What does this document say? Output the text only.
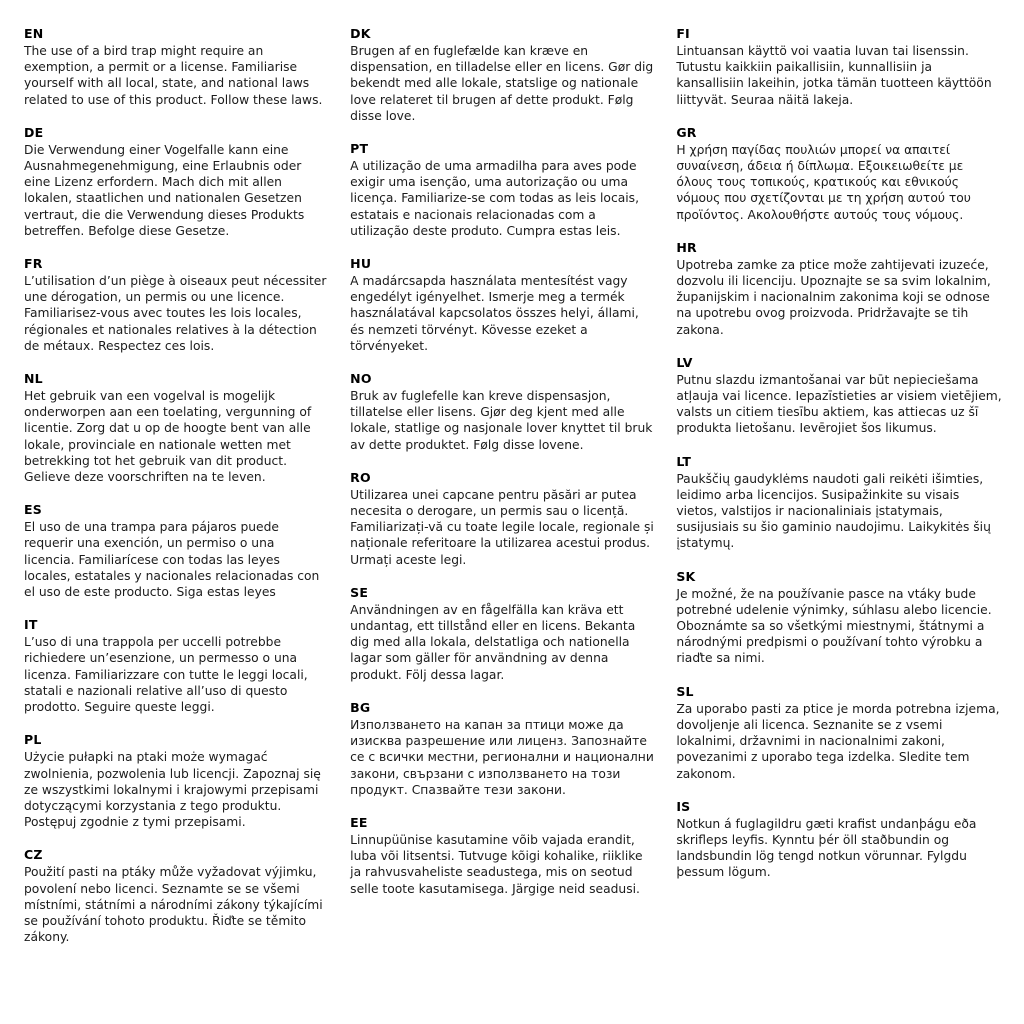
EN
The use of a bird trap might require an exemption, a permit or a license. Familiarise yourself with all local, state, and national laws related to use of this product. Follow these laws.
DE
Die Verwendung einer Vogelfalle kann eine Ausnahmegenehmigung, eine Erlaubnis oder eine Lizenz erfordern. Mach dich mit allen lokalen, staatlichen und nationalen Gesetzen vertraut, die die Verwendung dieses Produkts betreffen. Befolge diese Gesetze.
FR
L’utilisation d’un piège à oiseaux peut nécessiter une dérogation, un permis ou une licence. Familiarisez-vous avec toutes les lois locales, régionales et nationales relatives à la détection de métaux. Respectez ces lois.
NL
Het gebruik van een vogelval is mogelijk onderworpen aan een toelating, vergunning of licentie. Zorg dat u op de hoogte bent van alle lokale, provinciale en nationale wetten met betrekking tot het gebruik van dit product. Gelieve deze voorschriften na te leven.
ES
El uso de una trampa para pájaros puede requerir una exención, un permiso o una licencia. Familiarícese con todas las leyes locales, estatales y nacionales relacionadas con el uso de este producto. Siga estas leyes
IT
L’uso di una trappola per uccelli potrebbe richiedere un’esenzione, un permesso o una licenza. Familiarizzare con tutte le leggi locali, statali e nazionali relative all’uso di questo prodotto. Seguire queste leggi.
PL
Użycie pułapki na ptaki może wymagać zwolnienia, pozwolenia lub licencji. Zapoznaj się ze wszystkimi lokalnymi i krajowymi przepisami dotyczącymi korzystania z tego produktu. Postępuj zgodnie z tymi przepisami.
CZ
Použití pasti na ptáky může vyžadovat výjimku, povolení nebo licenci. Seznamte se se všemi místními, státními a národními zákony týkajícími se používání tohoto produktu. Řiďte se těmito zákony.
DK
Brugen af en fuglefælde kan kræve en dispensation, en tilladelse eller en licens. Gør dig bekendt med alle lokale, statslige og nationale love relateret til brugen af dette produkt. Følg disse love.
PT
A utilização de uma armadilha para aves pode exigir uma isenção, uma autorização ou uma licença. Familiarize-se com todas as leis locais, estatais e nacionais relacionadas com a utilização deste produto. Cumpra estas leis.
HU
A madárcsapda használata mentesítést vagy engedélyt igényelhet. Ismerje meg a termék használatával kapcsolatos összes helyi, állami, és nemzeti törvényt. Kövesse ezeket a törvényeket.
NO
Bruk av fuglefelle kan kreve dispensasjon, tillatelse eller lisens. Gjør deg kjent med alle lokale, statlige og nasjonale lover knyttet til bruk av dette produktet. Følg disse lovene.
RO
Utilizarea unei capcane pentru păsări ar putea necesita o derogare, un permis sau o licență. Familiarizați-vă cu toate legile locale, regionale și naționale referitoare la utilizarea acestui produs. Urmați aceste legi.
SE
Användningen av en fågelfälla kan kräva ett undantag, ett tillstånd eller en licens. Bekanta dig med alla lokala, delstatliga och nationella lagar som gäller för användning av denna produkt. Följ dessa lagar.
BG
Използването на капан за птици може да изисква разрешение или лиценз. Запознайте се с всички местни, регионални и национални закони, свързани с използването на този продукт. Спазвайте тези закони.
EE
Linnupüünise kasutamine võib vajada erandit, luba või litsentsi. Tutvuge kõigi kohalike, riiklike ja rahvusvaheliste seadustega, mis on seotud selle toote kasutamisega. Järgige neid seadusi.
FI
Lintuansan käyttö voi vaatia luvan tai lisenssin. Tutustu kaikkiin paikallisiin, kunnallisiin ja kansallisiin lakeihin, jotka tämän tuotteen käyttöön liittyvät. Seuraa näitä lakeja.
GR
Η χρήση παγίδας πουλιών μπορεί να απαιτεί συναίνεση, άδεια ή δίπλωμα. Εξοικειωθείτε με όλους τους τοπικούς, κρατικούς και εθνικούς νόμους που σχετίζονται με τη χρήση αυτού του προϊόντος. Ακολουθήστε αυτούς τους νόμους.
HR
Upotreba zamke za ptice može zahtijevati izuzeće, dozvolu ili licenciju. Upoznajte se sa svim lokalnim, županijskim i nacionalnim zakonima koji se odnose na upotrebu ovog proizvoda. Pridržavajte se tih zakona.
LV
Putnu slazdu izmantošanai var būt nepieciešama atļauja vai licence. Iepazīstieties ar visiem vietējiem, valsts un citiem tiesību aktiem, kas attiecas uz šī produkta lietošanu. Ievērojiet šos likumus.
LT
Paukščių gaudyklėms naudoti gali reikėti išimties, leidimo arba licencijos. Susipažinkite su visais vietos, valstijos ir nacionaliniais įstatymais, susijusiais su šio gaminio naudojimu. Laikykitės šių įstatymų.
SK
Je možné, že na používanie pasce na vtáky bude potrebné udelenie výnimky, súhlasu alebo licencie. Oboznámte sa so všetkými miestnymi, štátnymi a národnými predpismi o používaní tohto výrobku a riaďte sa nimi.
SL
Za uporabo pasti za ptice je morda potrebna izjema, dovoljenje ali licenca. Seznanite se z vsemi lokalnimi, državnimi in nacionalnimi zakoni, povezanimi z uporabo tega izdelka. Sledite tem zakonom.
IS
Notkun á fuglagildru gæti krafist undanþágu eða skrifleps leyfis. Kynntu þér öll staðbundin og landsbundin lög tengd notkun vörunnar. Fylgdu þessum lögum.
